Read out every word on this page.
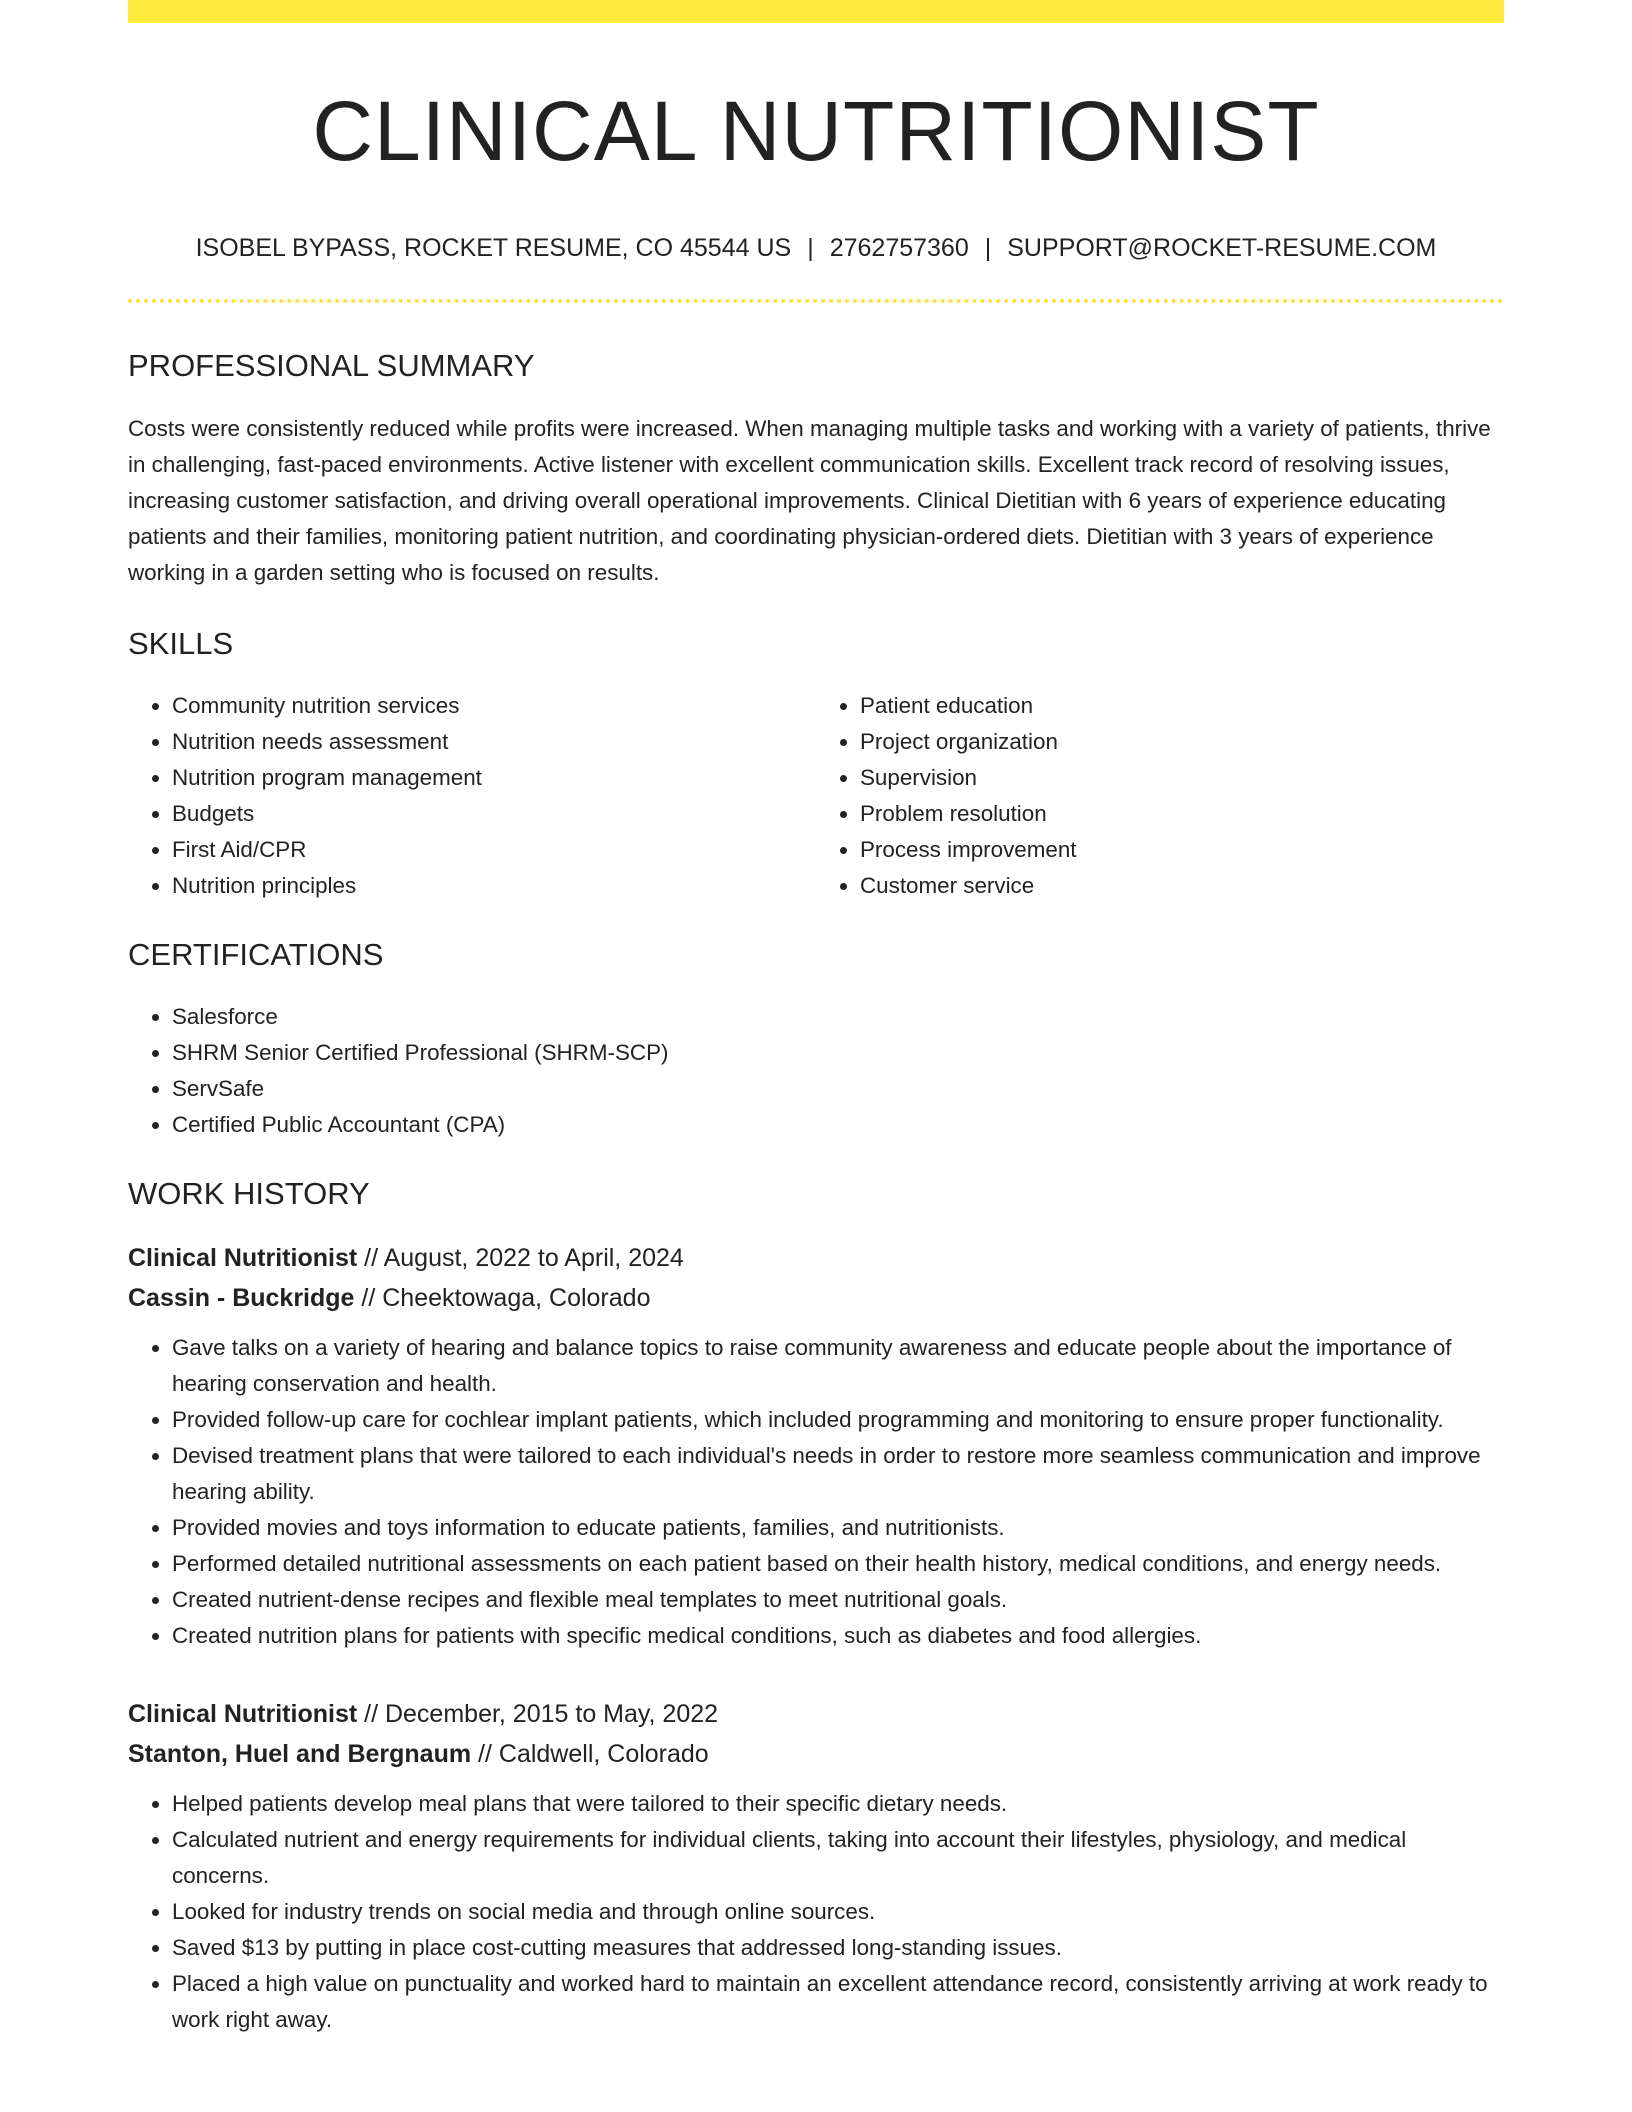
CLINICAL NUTRITIONIST
ISOBEL BYPASS, ROCKET RESUME, CO 45544 US | 2762757360 | SUPPORT@ROCKET-RESUME.COM
PROFESSIONAL SUMMARY

Costs were consistently reduced while profits were increased. When managing multiple tasks and working with a variety of patients, thrive in challenging, fast-paced environments. Active listener with excellent communication skills. Excellent track record of resolving issues, increasing customer satisfaction, and driving overall operational improvements. Clinical Dietitian with 6 years of experience educating patients and their families, monitoring patient nutrition, and coordinating physician-ordered diets. Dietitian with 3 years of experience working in a garden setting who is focused on results.

SKILLS
• Community nutrition services
• Nutrition needs assessment
• Nutrition program management
• Budgets
• First Aid/CPR
• Nutrition principles
• Patient education
• Project organization
• Supervision
• Problem resolution
• Process improvement
• Customer service
CERTIFICATIONS
• Salesforce
• SHRM Senior Certified Professional (SHRM-SCP)
• ServSafe
• Certified Public Accountant (CPA)
WORK HISTORY
Clinical Nutritionist // August, 2022 to April, 2024
Cassin - Buckridge // Cheektowaga, Colorado
• Gave talks on a variety of hearing and balance topics to raise community awareness and educate people about the importance of hearing conservation and health.
• Provided follow-up care for cochlear implant patients, which included programming and monitoring to ensure proper functionality.
• Devised treatment plans that were tailored to each individual's needs in order to restore more seamless communication and improve hearing ability.
• Provided movies and toys information to educate patients, families, and nutritionists.
• Performed detailed nutritional assessments on each patient based on their health history, medical conditions, and energy needs.
• Created nutrient-dense recipes and flexible meal templates to meet nutritional goals.
• Created nutrition plans for patients with specific medical conditions, such as diabetes and food allergies.
Clinical Nutritionist // December, 2015 to May, 2022
Stanton, Huel and Bergnaum // Caldwell, Colorado
• Helped patients develop meal plans that were tailored to their specific dietary needs.
• Calculated nutrient and energy requirements for individual clients, taking into account their lifestyles, physiology, and medical concerns.
• Looked for industry trends on social media and through online sources.
• Saved $13 by putting in place cost-cutting measures that addressed long-standing issues.
• Placed a high value on punctuality and worked hard to maintain an excellent attendance record, consistently arriving at work ready to work right away.
